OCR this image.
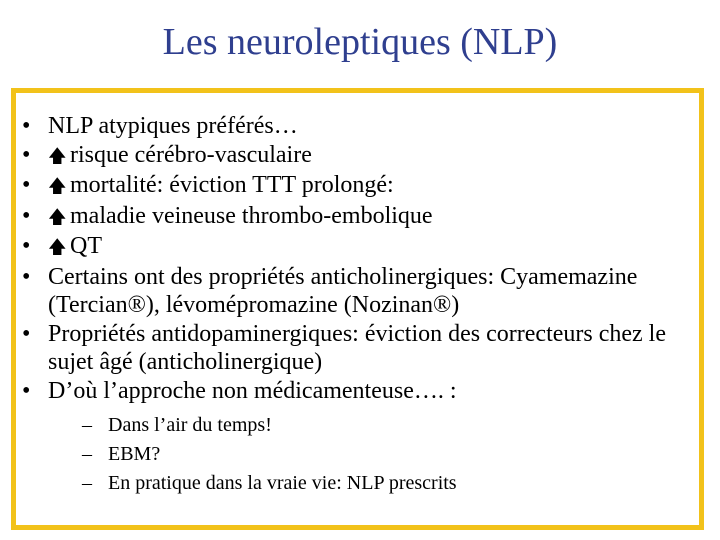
Les neuroleptiques (NLP)
• NLP atypiques préférés…
• 🡅 risque cérébro-vasculaire
• 🡅 mortalité: éviction TTT prolongé:
• 🡅 maladie veineuse thrombo-embolique
• 🡅 QT
• Certains ont des propriétés anticholinergiques: Cyamemazine (Tercian®), lévomépromazine (Nozinan®)
• Propriétés antidopaminergiques: éviction des correcteurs chez le sujet âgé (anticholinergique)
• D’où l’approche non médicamenteuse…. :
– Dans l’air du temps!
– EBM?
– En pratique dans la vraie vie: NLP prescrits
